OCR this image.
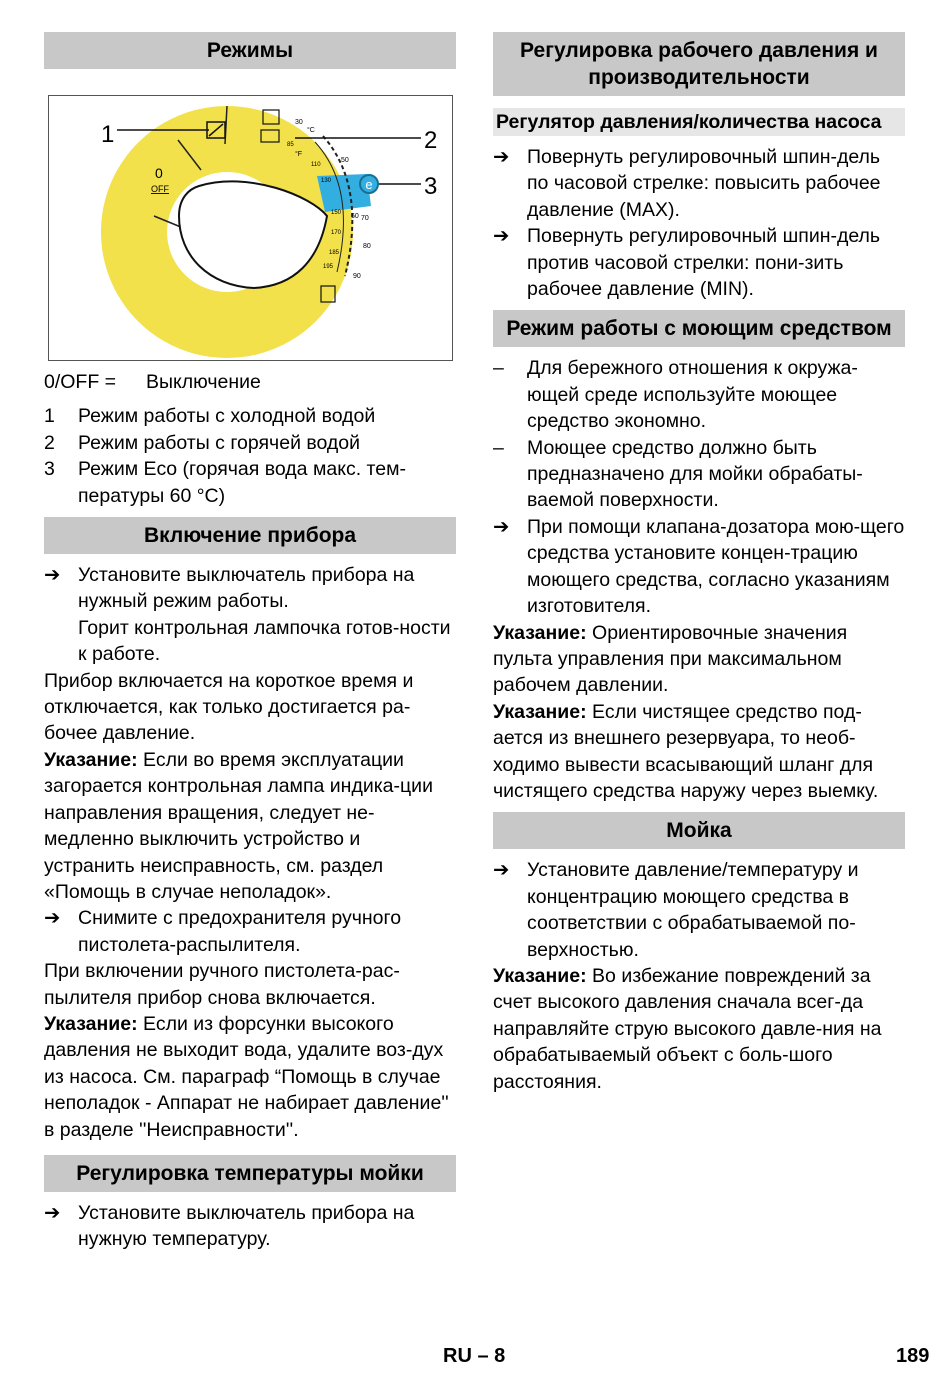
Режимы
e
1	2
3
0
OFF
°C
°F
30
50
60 70
80
90
85
110
130
150
170
185
195
0/OFF =	Выключение
1	Режим работы с холодной водой
2	Режим работы с горячей водой
3	Режим Eco (горячая вода макс. тем-пературы 60 °C)
Включение прибора
➔ Установите выключатель прибора на нужный режим работы.
Горит контрольная лампочка готов-ности к работе.

Прибор включается на короткое время и отключается, как только достигается ра-бочее давление.

Указание: Если во время эксплуатации загорается контрольная лампа индика-ции направления вращения, следует не-медленно выключить устройство и устранить неисправность, см. раздел «Помощь в случае неполадок».

➔ Снимите с предохранителя ручного пистолета-распылителя.

При включении ручного пистолета-рас-пылителя прибор снова включается.

Указание: Если из форсунки высокого давления не выходит вода, удалите воз-дух из насоса. См. параграф “Помощь в случае неполадок - Аппарат не набирает давление'' в разделе ''Неисправности''.

Регулировка температуры мойки
➔ Установите выключатель прибора на нужную температуру.
Регулировка рабочего давления и производительности
Регулятор давления/количества насоса
➔ Повернуть регулировочный шпин-дель по часовой стрелке: повысить рабочее давление (MAX).
➔ Повернуть регулировочный шпин-дель против часовой стрелки: пони-зить рабочее давление (MIN).
Режим работы с моющим средством
–	Для бережного отношения к окружа-ющей среде используйте моющее средство экономно.
–	Моющее средство должно быть предназначено для мойки обрабаты-ваемой поверхности.
➔ При помощи клапана-дозатора мою-щего средства установите концен-трацию моющего средства, согласно указаниям изготовителя.

Указание: Ориентировочные значения пульта управления при максимальном рабочем давлении.

Указание: Если чистящее средство под-ается из внешнего резервуара, то необ-ходимо вывести всасывающий шланг для чистящего средства наружу через выемку.

Мойка
➔ Установите давление/температуру и концентрацию моющего средства в соответствии с обрабатываемой по-верхностью.

Указание: Во избежание повреждений за счет высокого давления сначала всег-да направляйте струю высокого давле-ния на обрабатываемый объект с боль-шого расстояния.

RU – 8	189
